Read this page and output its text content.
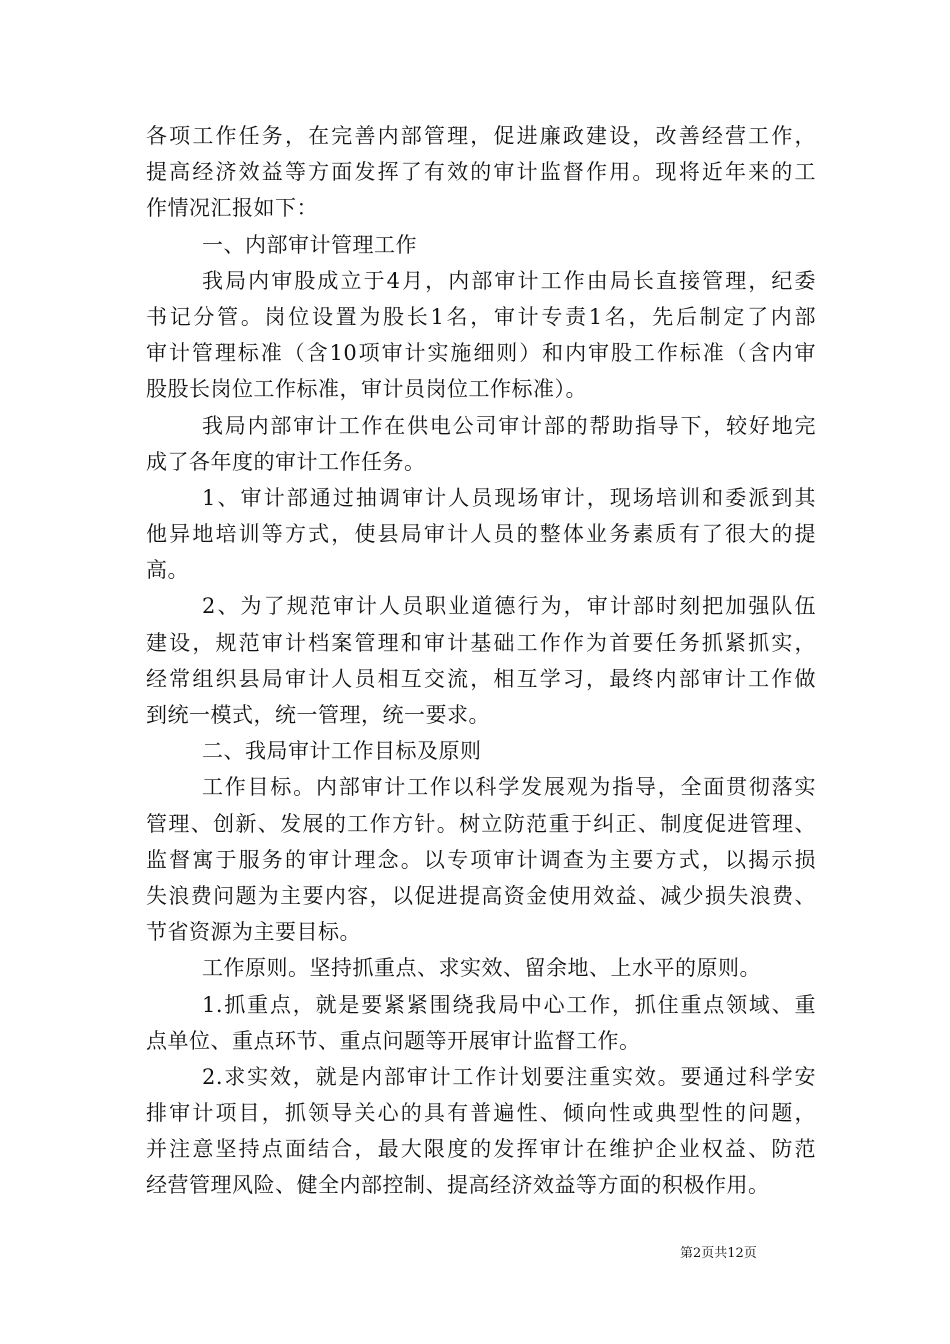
各项工作任务，在完善内部管理，促进廉政建设，改善经营工作，
提高经济效益等方面发挥了有效的审计监督作用。现将近年来的工
作情况汇报如下：
一、内部审计管理工作
我局内审股成立于4月，内部审计工作由局长直接管理，纪委
书记分管。岗位设置为股长1名，审计专责1名，先后制定了内部
审计管理标准（含10项审计实施细则）和内审股工作标准（含内审
股股长岗位工作标准，审计员岗位工作标准）。
我局内部审计工作在供电公司审计部的帮助指导下，较好地完
成了各年度的审计工作任务。
1、审计部通过抽调审计人员现场审计，现场培训和委派到其
他异地培训等方式，使县局审计人员的整体业务素质有了很大的提
高。
2、为了规范审计人员职业道德行为，审计部时刻把加强队伍
建设，规范审计档案管理和审计基础工作作为首要任务抓紧抓实，
经常组织县局审计人员相互交流，相互学习，最终内部审计工作做
到统一模式，统一管理，统一要求。
二、我局审计工作目标及原则
工作目标。内部审计工作以科学发展观为指导，全面贯彻落实
管理、创新、发展的工作方针。树立防范重于纠正、制度促进管理、
监督寓于服务的审计理念。以专项审计调查为主要方式，以揭示损
失浪费问题为主要内容，以促进提高资金使用效益、减少损失浪费、
节省资源为主要目标。
工作原则。坚持抓重点、求实效、留余地、上水平的原则。
1.抓重点，就是要紧紧围绕我局中心工作，抓住重点领域、重
点单位、重点环节、重点问题等开展审计监督工作。
2.求实效，就是内部审计工作计划要注重实效。要通过科学安
排审计项目，抓领导关心的具有普遍性、倾向性或典型性的问题，
并注意坚持点面结合，最大限度的发挥审计在维护企业权益、防范
经营管理风险、健全内部控制、提高经济效益等方面的积极作用。
第2页共12页
